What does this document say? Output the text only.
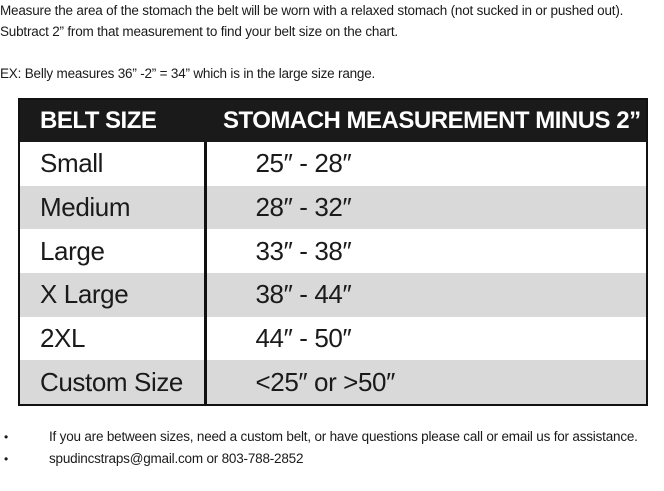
Measure the area of the stomach the belt will be worn with a relaxed stomach (not sucked in or pushed out).

Subtract 2” from that measurement to find your belt size on the chart.

EX: Belly measures 36” -2” = 34” which is in the large size range.

BELT SIZE	STOMACH MEASUREMENT MINUS 2”
Small	25″ - 28″
Medium	28″ - 32″
Large	33″ - 38″
X Large	38″ - 44″
2XL	44″ - 50″
Custom Size	<25″ or >50″
•	If you are between sizes, need a custom belt, or have questions please call or email us for assistance.
•	spudincstraps@gmail.com or 803-788-2852
